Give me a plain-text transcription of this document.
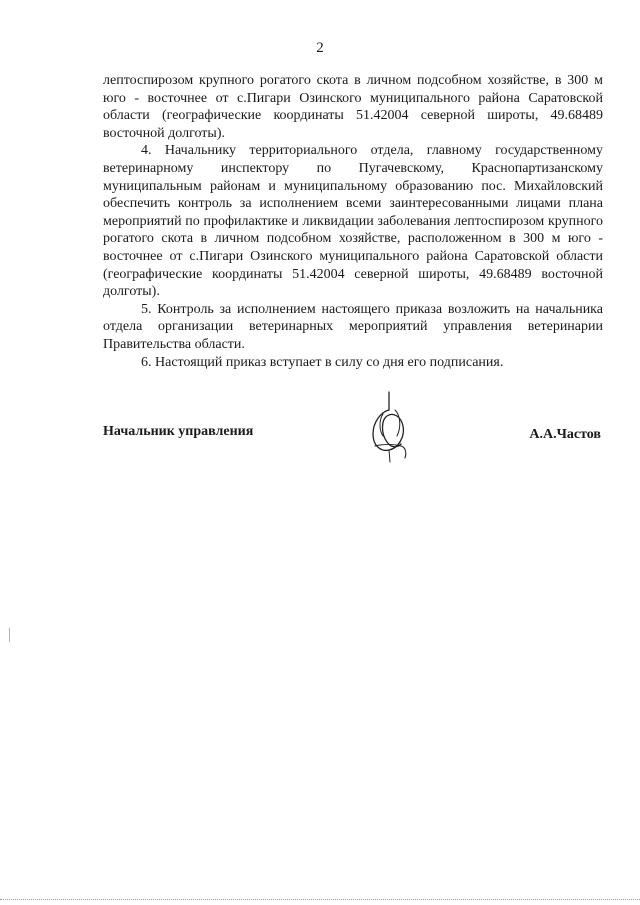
2

лептоспирозом крупного рогатого скота в личном подсобном хозяйстве, в 300 м юго - восточнее от с.Пигари Озинского муниципального района Саратовской области (географические координаты 51.42004 северной широты, 49.68489 восточной долготы).

4. Начальнику территориального отдела, главному государственному ветеринарному инспектору по Пугачевскому, Краснопартизанскому муниципальным районам и муниципальному образованию пос. Михайловский обеспечить контроль за исполнением всеми заинтересованными лицами плана мероприятий по профилактике и ликвидации заболевания лептоспирозом крупного рогатого скота в личном подсобном хозяйстве, расположенном в 300 м юго - восточнее от с.Пигари Озинского муниципального района Саратовской области (географические координаты 51.42004 северной широты, 49.68489 восточной долготы).

5. Контроль за исполнением настоящего приказа возложить на начальника отдела организации ветеринарных мероприятий управления ветеринарии Правительства области.

6. Настоящий приказ вступает в силу со дня его подписания.

Начальник управления	А.А.Частов
